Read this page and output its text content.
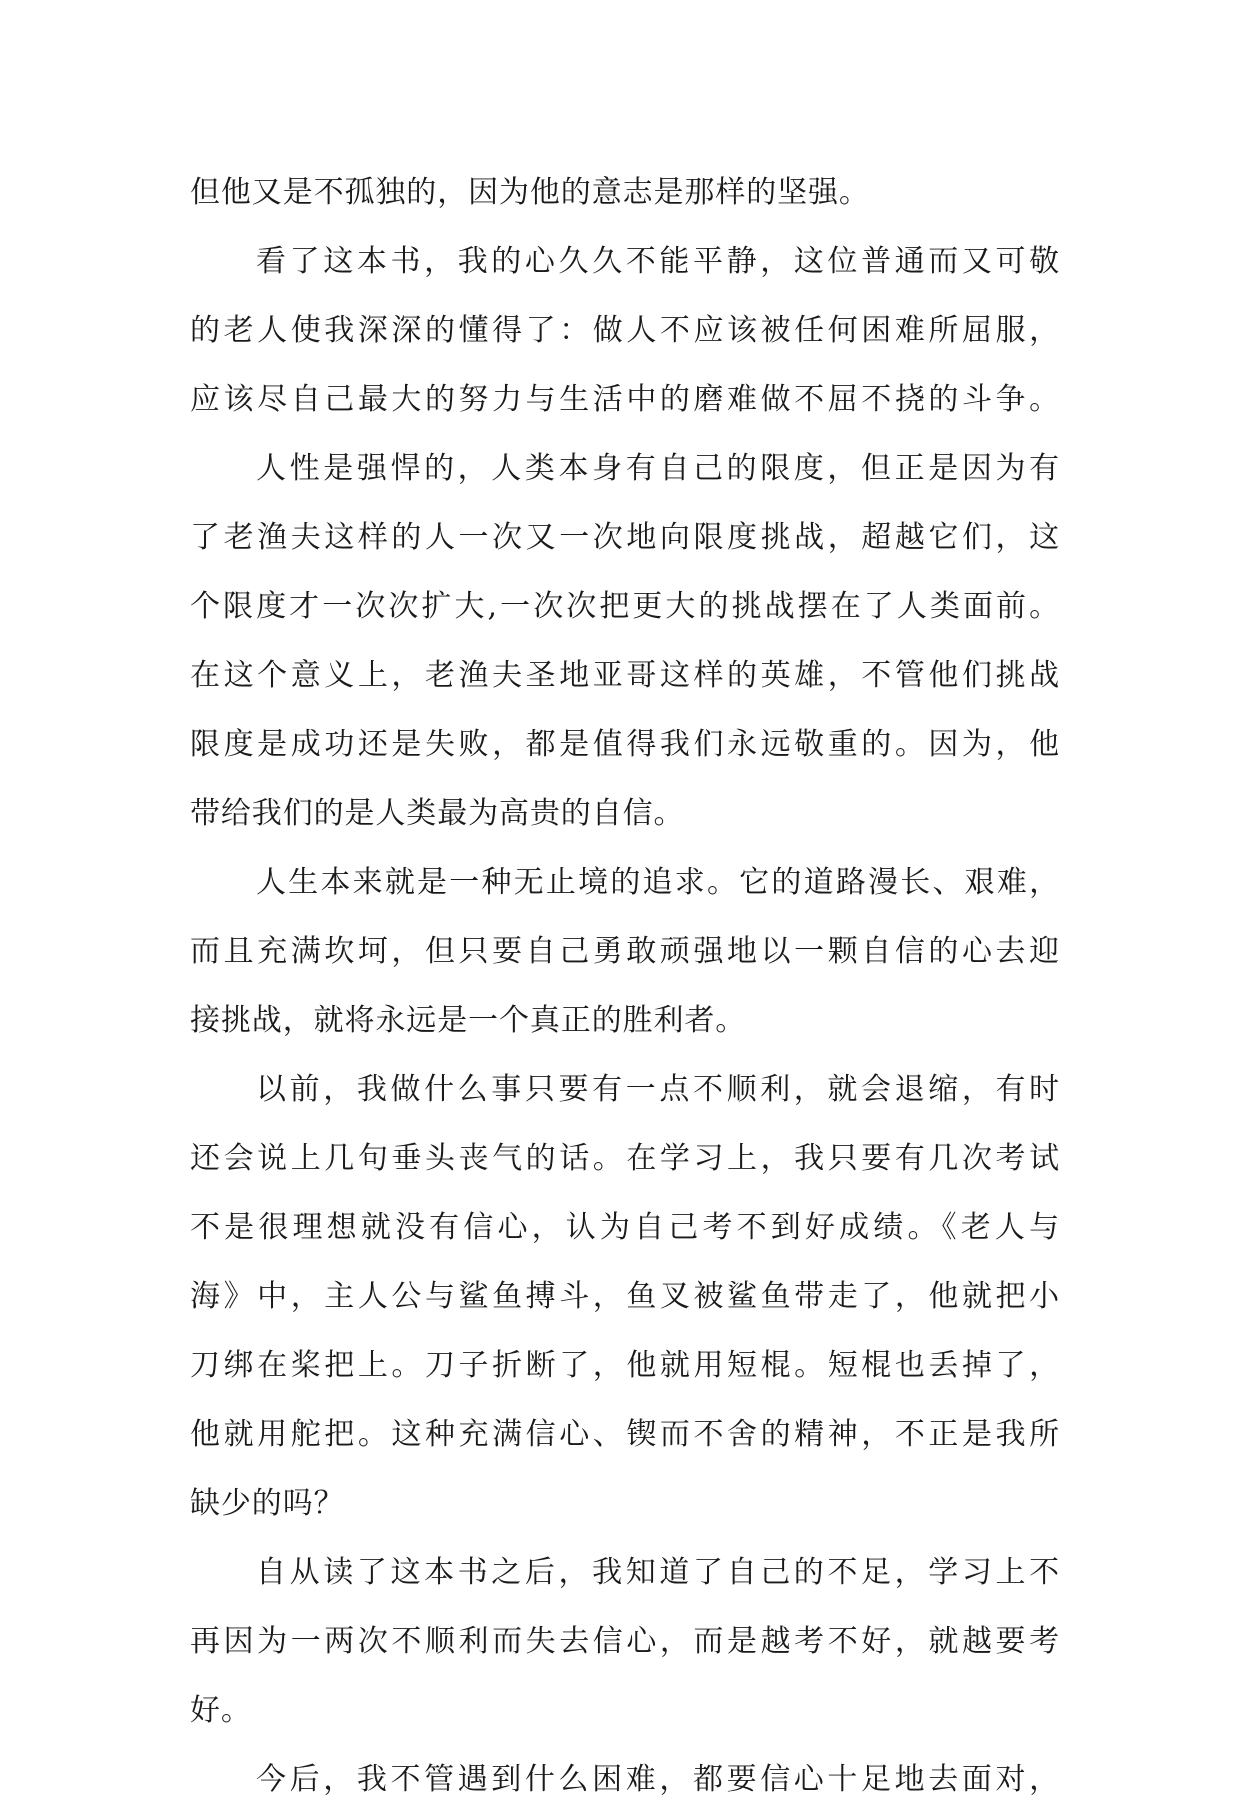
但他又是不孤独的，因为他的意志是那样的坚强。
看了这本书，我的心久久不能平静，这位普通而又可敬
的老人使我深深的懂得了：做人不应该被任何困难所屈服，
应该尽自己最大的努力与生活中的磨难做不屈不挠的斗争。
人性是强悍的，人类本身有自己的限度，但正是因为有
了老渔夫这样的人一次又一次地向限度挑战，超越它们，这
个限度才一次次扩大,一次次把更大的挑战摆在了人类面前。
在这个意义上，老渔夫圣地亚哥这样的英雄，不管他们挑战
限度是成功还是失败，都是值得我们永远敬重的。因为，他
带给我们的是人类最为高贵的自信。
人生本来就是一种无止境的追求。它的道路漫长、艰难，
而且充满坎坷，但只要自己勇敢顽强地以一颗自信的心去迎
接挑战，就将永远是一个真正的胜利者。
以前，我做什么事只要有一点不顺利，就会退缩，有时
还会说上几句垂头丧气的话。在学习上，我只要有几次考试
不是很理想就没有信心，认为自己考不到好成绩。《老人与
海》中，主人公与鲨鱼搏斗，鱼叉被鲨鱼带走了，他就把小
刀绑在桨把上。刀子折断了，他就用短棍。短棍也丢掉了，
他就用舵把。这种充满信心、锲而不舍的精神，不正是我所
缺少的吗？
自从读了这本书之后，我知道了自己的不足，学习上不
再因为一两次不顺利而失去信心，而是越考不好，就越要考
好。
今后，我不管遇到什么困难，都要信心十足地去面对，
